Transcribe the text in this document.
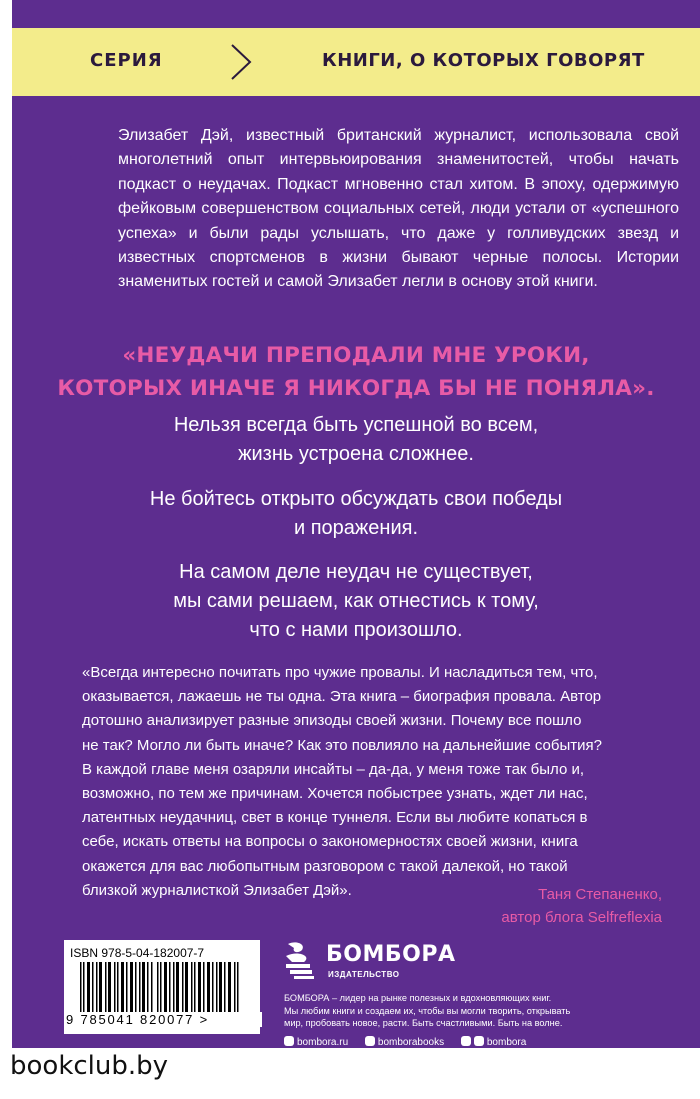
СЕРИЯ	КНИГИ, О КОТОРЫХ ГОВОРЯТ

Элизабет Дэй, известный британский журналист, использовала свой многолетний опыт интервьюирования знаменитостей, чтобы начать подкаст о неудачах. Подкаст мгновенно стал хитом. В эпоху, одержимую фейковым совершенством социальных сетей, люди устали от «успешного успеха» и были рады услышать, что даже у голливудских звезд и известных спортсменов в жизни бывают черные полосы. Истории знаменитых гостей и самой Элизабет легли в основу этой книги.

«НЕУДАЧИ ПРЕПОДАЛИ МНЕ УРОКИ,
КОТОРЫХ ИНАЧЕ Я НИКОГДА БЫ НЕ ПОНЯЛА».
Нельзя всегда быть успешной во всем,
жизнь устроена сложнее.
Не бойтесь открыто обсуждать свои победы
и поражения.
На самом деле неудач не существует,
мы сами решаем, как отнестись к тому,
что с нами произошло.
«Всегда интересно почитать про чужие провалы. И насладиться тем, что,
оказывается, лажаешь не ты одна. Эта книга – биография провала. Автор
дотошно анализирует разные эпизоды своей жизни. Почему все пошло
не так? Могло ли быть иначе? Как это повлияло на дальнейшие события?
В каждой главе меня озаряли инсайты – да-да, у меня тоже так было и,
возможно, по тем же причинам. Хочется побыстрее узнать, ждет ли нас,
латентных неудачниц, свет в конце туннеля. Если вы любите копаться в
себе, искать ответы на вопросы о закономерностях своей жизни, книга
окажется для вас любопытным разговором с такой далекой, но такой
близкой журналисткой Элизабет Дэй».	Таня Степаненко,
автор блога Selfreflexia
ISBN 978-5-04-182007-7
9 785041 820077 >
БОМБОРА
ИЗДАТЕЛЬСТВО
БОМБОРА – лидер на рынке полезных и вдохновляющих книг.
Мы любим книги и создаем их, чтобы вы могли творить, открывать
мир, пробовать новое, расти. Быть счастливыми. Быть на волне.
bombora.ru	bomborabooks	bombora
bookclub.by
